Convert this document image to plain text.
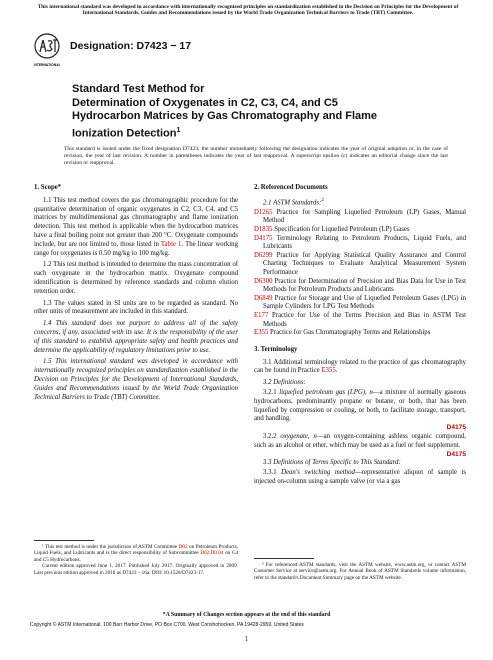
This international standard was developed in accordance with internationally recognized principles on standardization established in the Decision on Principles for the Development of International Standards, Guides and Recommendations issued by the World Trade Organization Technical Barriers to Trade (TBT) Committee.
INTERNATIONAL
Designation: D7423 − 17
Standard Test Method for
Determination of Oxygenates in C2, C3, C4, and C5
Hydrocarbon Matrices by Gas Chromatography and Flame
Ionization Detection$^1$
This standard is issued under the fixed designation D7423; the number immediately following the designation indicates the year of original adoption or, in the case of revision, the year of last revision. A number in parentheses indicates the year of last reapproval. A superscript epsilon (ε) indicates an editorial change since the last revision or reapproval.

1. Scope*

1.1 This test method covers the gas chromatographic procedure for the quantitative determination of organic oxygenates in C2, C3, C4, and C5 matrices by multidimensional gas chromatography and flame ionization detection. This test method is applicable when the hydrocarbon matrices have a final boiling point not greater than 200 °C. Oxygenate compounds include, but are not limited to, those listed in Table 1. The linear working range for oxygenates is 0.50 mg/kg to 100 mg/kg.

1.2 This test method is intended to determine the mass concentration of each oxygenate in the hydrocarbon matrix. Oxygenate compound identification is determined by reference standards and column elution retention order.

1.3 The values stated in SI units are to be regarded as standard. No other units of measurement are included in this standard.

1.4 This standard does not purport to address all of the safety concerns, if any, associated with its use. It is the responsibility of the user of this standard to establish appropriate safety and health practices and determine the applicability of regulatory limitations prior to use.

1.5 This international standard was developed in accordance with internationally recognized principles on standardization established in the Decision on Principles for the Development of International Standards, Guides and Recommendations issued by the World Trade Organization Technical Barriers to Trade (TBT) Committee.

¹ This test method is under the jurisdiction of ASTM Committee D02 on Petroleum Products, Liquid Fuels, and Lubricants and is the direct responsibility of Subcommittee D02.D0.04 on C4 and C5 Hydrocarbons.
Current edition approved June 1, 2017. Published July 2017. Originally approved in 2009. Last previous edition approved in 2016 as D7423 – 16a. DOI: 10.1520/D7423-17.

2. Referenced Documents

2.1 ASTM Standards:$^2$

D1265 Practice for Sampling Liquefied Petroleum (LP) Gases, Manual Method
D1835 Specification for Liquefied Petroleum (LP) Gases
D4175 Terminology Relating to Petroleum Products, Liquid Fuels, and Lubricants
D6299 Practice for Applying Statistical Quality Assurance and Control Charting Techniques to Evaluate Analytical Measurement System Performance
D6300 Practice for Determination of Precision and Bias Data for Use in Test Methods for Petroleum Products and Lubricants
D6849 Practice for Storage and Use of Liquefied Petroleum Gases (LPG) in Sample Cylinders for LPG Test Methods
E177 Practice for Use of the Terms Precision and Bias in ASTM Test Methods
E355 Practice for Gas Chromatography Terms and Relationships

3. Terminology

3.1 Additional terminology related to the practice of gas chromatography can be found in Practice E355.

3.2 Definitions:

3.2.1 liquefied petroleum gas (LPG), n—a mixture of normally gaseous hydrocarbons, predominantly propane or butane, or both, that has been liquefied by compression or cooling, or both, to facilitate storage, transport, and handling.

D4175

3.2.2 oxygenate, n—an oxygen-containing ashless organic compound, such as an alcohol or ether, which may be used as a fuel or fuel supplement.

D4175

3.3 Definitions of Terms Specific to This Standard:

3.3.1 Dean's switching method—representative aliquot of sample is injected on-column using a sample valve (or via a gas

² For referenced ASTM standards, visit the ASTM website, www.astm.org, or contact ASTM Customer Service at service@astm.org. For Annual Book of ASTM Standards volume information, refer to the standard's Document Summary page on the ASTM website.
*A Summary of Changes section appears at the end of this standard
Copyright © ASTM International, 100 Barr Harbor Drive, PO Box C700, West Conshohocken, PA 19428-2959. United States
1
